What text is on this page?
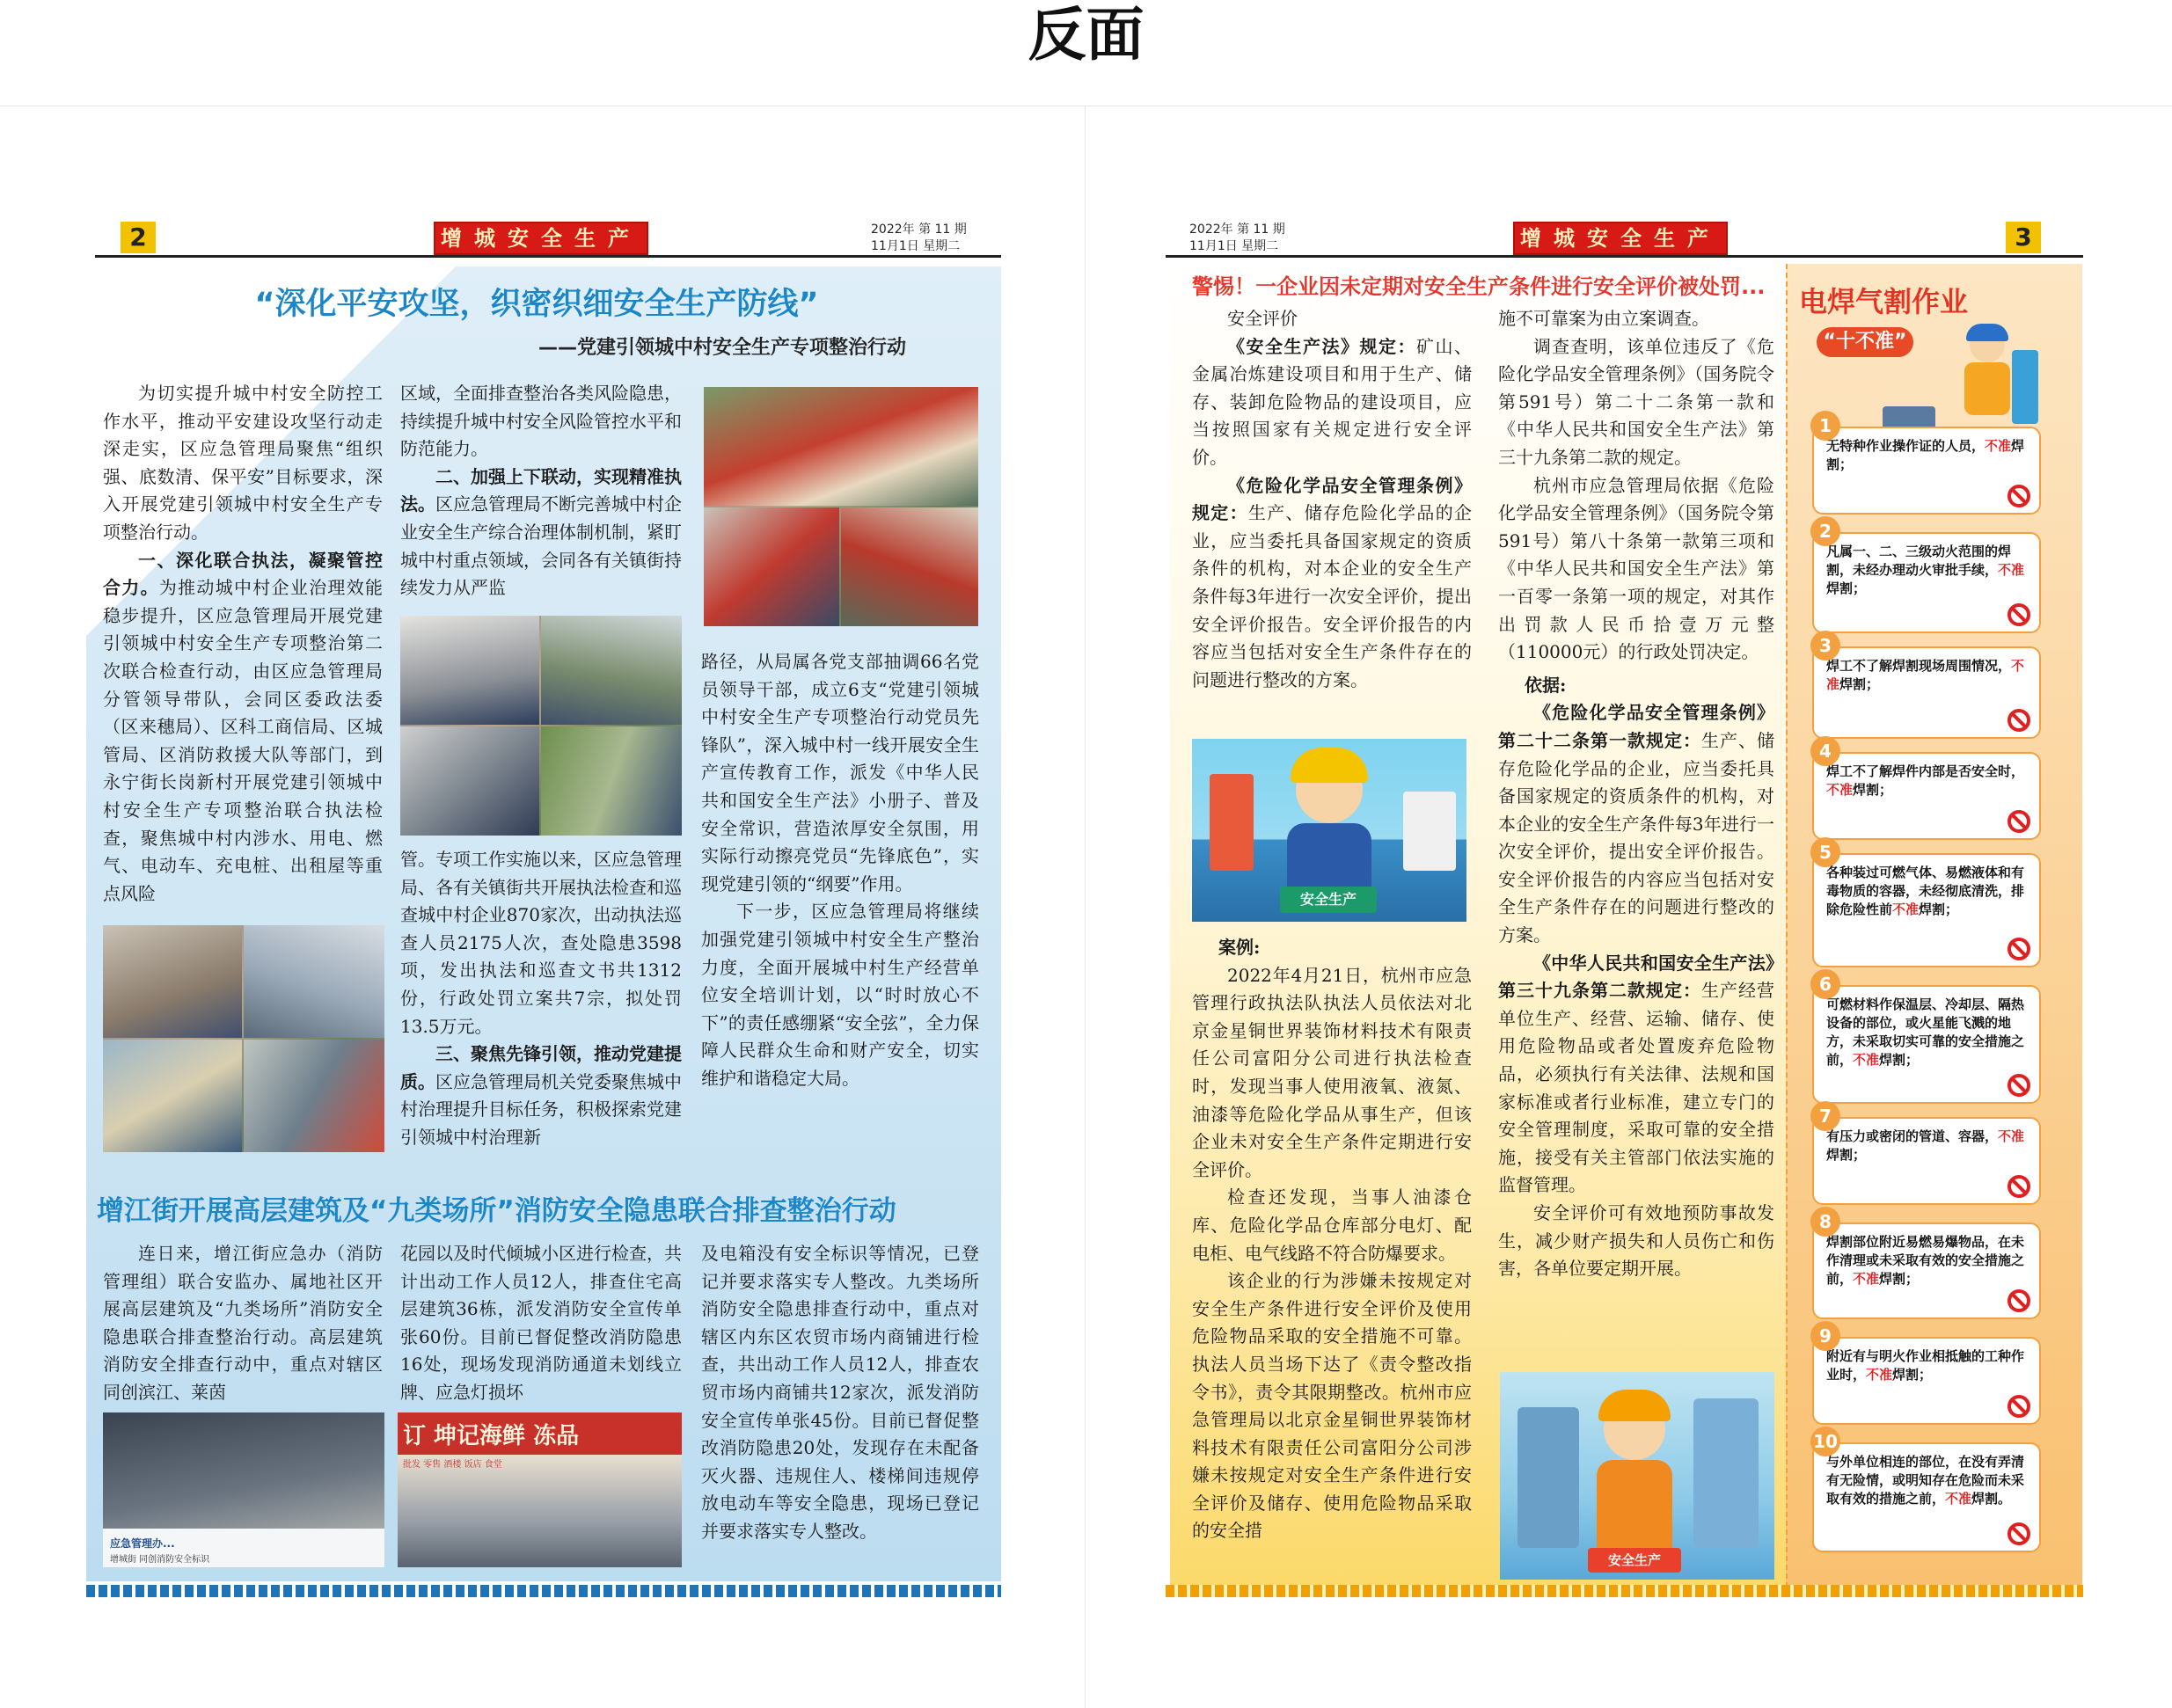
反面
2	增城安全生产	2022年 第 11 期
11月1日 星期二
“深化平安攻坚，织密织细安全生产防线”
——党建引领城中村安全生产专项整治行动

为切实提升城中村安全防控工作水平，推动平安建设攻坚行动走深走实，区应急管理局聚焦“组织强、底数清、保平安”目标要求，深入开展党建引领城中村安全生产专项整治行动。

一、深化联合执法，凝聚管控合力。为推动城中村企业治理效能稳步提升，区应急管理局开展党建引领城中村安全生产专项整治第二次联合检查行动，由区应急管理局分管领导带队，会同区委政法委（区来穗局）、区科工商信局、区城管局、区消防救援大队等部门，到永宁街长岗新村开展党建引领城中村安全生产专项整治联合执法检查，聚焦城中村内涉水、用电、燃气、电动车、充电桩、出租屋等重点风险

区域，全面排查整治各类风险隐患，持续提升城中村安全风险管控水平和防范能力。

二、加强上下联动，实现精准执法。区应急管理局不断完善城中村企业安全生产综合治理体制机制，紧盯城中村重点领域，会同各有关镇街持续发力从严监

管。专项工作实施以来，区应急管理局、各有关镇街共开展执法检查和巡查城中村企业870家次，出动执法巡查人员2175人次，查处隐患3598项，发出执法和巡查文书共1312份，行政处罚立案共7宗，拟处罚13.5万元。

三、聚焦先锋引领，推动党建提质。区应急管理局机关党委聚焦城中村治理提升目标任务，积极探索党建引领城中村治理新

路径，从局属各党支部抽调66名党员领导干部，成立6支“党建引领城中村安全生产专项整治行动党员先锋队”，深入城中村一线开展安全生产宣传教育工作，派发《中华人民共和国安全生产法》小册子、普及安全常识，营造浓厚安全氛围，用实际行动擦亮党员“先锋底色”，实现党建引领的“纲要”作用。

下一步，区应急管理局将继续加强党建引领城中村安全生产整治力度，全面开展城中村生产经营单位安全培训计划，以“时时放心不下”的责任感绷紧“安全弦”，全力保障人民群众生命和财产安全，切实维护和谐稳定大局。

增江街开展高层建筑及“九类场所”消防安全隐患联合排查整治行动

连日来，增江街应急办（消防管理组）联合安监办、属地社区开展高层建筑及“九类场所”消防安全隐患联合排查整治行动。高层建筑消防安全排查行动中，重点对辖区同创滨江、莱茵

花园以及时代倾城小区进行检查，共计出动工作人员12人，排查住宅高层建筑36栋，派发消防安全宣传单张60份。目前已督促整改消防隐患16处，现场发现消防通道未划线立牌、应急灯损坏

及电箱没有安全标识等情况，已登记并要求落实专人整改。九类场所消防安全隐患排查行动中，重点对辖区内东区农贸市场内商铺进行检查，共出动工作人员12人，排查农贸市场内商铺共12家次，派发消防安全宣传单张45份。目前已督促整改消防隐患20处，发现存在未配备灭火器、违规住人、楼梯间违规停放电动车等安全隐患，现场已登记并要求落实专人整改。

应急管理办...
增城街 同创消防安全标识
订 坤记海鲜 冻品
批发 零售 酒楼 饭店 食堂
2022年 第 11 期
11月1日 星期二	增城安全生产	3
警惕！一企业因未定期对安全生产条件进行安全评价被处罚...

安全评价

《安全生产法》规定：矿山、金属冶炼建设项目和用于生产、储存、装卸危险物品的建设项目，应当按照国家有关规定进行安全评价。

《危险化学品安全管理条例》规定：生产、储存危险化学品的企业，应当委托具备国家规定的资质条件的机构，对本企业的安全生产条件每3年进行一次安全评价，提出安全评价报告。安全评价报告的内容应当包括对安全生产条件存在的问题进行整改的方案。

安全生产

案例:

2022年4月21日，杭州市应急管理行政执法队执法人员依法对北京金星铜世界装饰材料技术有限责任公司富阳分公司进行执法检查时，发现当事人使用液氧、液氮、油漆等危险化学品从事生产，但该企业未对安全生产条件定期进行安全评价。

检查还发现，当事人油漆仓库、危险化学品仓库部分电灯、配电柜、电气线路不符合防爆要求。

该企业的行为涉嫌未按规定对安全生产条件进行安全评价及使用危险物品采取的安全措施不可靠。执法人员当场下达了《责令整改指令书》，责令其限期整改。杭州市应急管理局以北京金星铜世界装饰材料技术有限责任公司富阳分公司涉嫌未按规定对安全生产条件进行安全评价及储存、使用危险物品采取的安全措

施不可靠案为由立案调查。

调查查明，该单位违反了《危险化学品安全管理条例》（国务院令第591号）第二十二条第一款和《中华人民共和国安全生产法》第三十九条第二款的规定。

杭州市应急管理局依据《危险化学品安全管理条例》（国务院令第591号）第八十条第一款第三项和《中华人民共和国安全生产法》第一百零一条第一项的规定，对其作出罚款人民币拾壹万元整（110000元）的行政处罚决定。

依据:

《危险化学品安全管理条例》第二十二条第一款规定：生产、储存危险化学品的企业，应当委托具备国家规定的资质条件的机构，对本企业的安全生产条件每3年进行一次安全评价，提出安全评价报告。安全评价报告的内容应当包括对安全生产条件存在的问题进行整改的方案。

《中华人民共和国安全生产法》第三十九条第二款规定：生产经营单位生产、经营、运输、储存、使用危险物品或者处置废弃危险物品，必须执行有关法律、法规和国家标准或者行业标准，建立专门的安全管理制度，采取可靠的安全措施，接受有关主管部门依法实施的监督管理。

安全评价可有效地预防事故发生，减少财产损失和人员伤亡和伤害，各单位要定期开展。

安全生产
电焊气割作业
“十不准”
1
无特种作业操作证的人员，不准焊割；
2
凡属一、二、三级动火范围的焊割，未经办理动火审批手续，不准焊割；
3
焊工不了解焊割现场周围情况，不准焊割；
4
焊工不了解焊件内部是否安全时，不准焊割；
5
各种装过可燃气体、易燃液体和有毒物质的容器，未经彻底清洗，排除危险性前不准焊割；
6
可燃材料作保温层、冷却层、隔热设备的部位，或火星能飞溅的地方，未采取切实可靠的安全措施之前，不准焊割；
7
有压力或密闭的管道、容器，不准焊割；
8
焊割部位附近易燃易爆物品，在未作清理或未采取有效的安全措施之前，不准焊割；
9
附近有与明火作业相抵触的工种作业时，不准焊割；
10
与外单位相连的部位，在没有弄清有无险情，或明知存在危险而未采取有效的措施之前，不准焊割。
